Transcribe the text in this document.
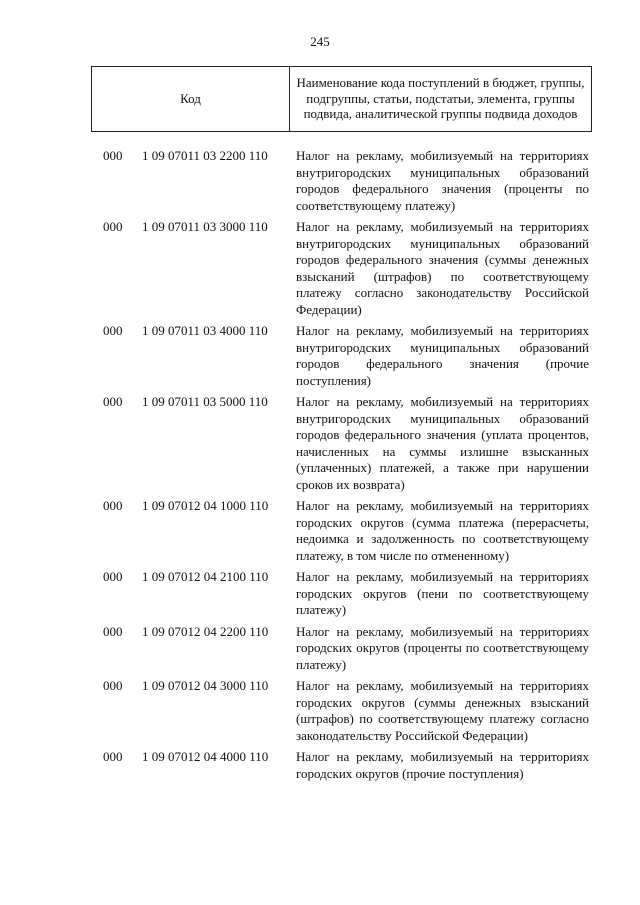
245
Код	Наименование кода поступлений в бюджет, группы, подгруппы, статьи, подстатьи, элемента, группы подвида, аналитической группы подвида доходов
000 1 09 07011 03 2200 110 Налог на рекламу, мобилизуемый на территориях внутригородских муниципальных образований городов федерального значения (проценты по соответствующему платежу)
000 1 09 07011 03 3000 110 Налог на рекламу, мобилизуемый на территориях внутригородских муниципальных образований городов федерального значения (суммы денежных взысканий (штрафов) по соответствующему платежу согласно законодательству Российской Федерации)
000 1 09 07011 03 4000 110 Налог на рекламу, мобилизуемый на территориях внутригородских муниципальных образований городов федерального значения (прочие поступления)
000 1 09 07011 03 5000 110 Налог на рекламу, мобилизуемый на территориях внутригородских муниципальных образований городов федерального значения (уплата процентов, начисленных на суммы излишне взысканных (уплаченных) платежей, а также при нарушении сроков их возврата)
000 1 09 07012 04 1000 110 Налог на рекламу, мобилизуемый на территориях городских округов (сумма платежа (перерасчеты, недоимка и задолженность по соответствующему платежу, в том числе по отмененному)
000 1 09 07012 04 2100 110 Налог на рекламу, мобилизуемый на территориях городских округов (пени по соответствующему платежу)
000 1 09 07012 04 2200 110 Налог на рекламу, мобилизуемый на территориях городских округов (проценты по соответствующему платежу)
000 1 09 07012 04 3000 110 Налог на рекламу, мобилизуемый на территориях городских округов (суммы денежных взысканий (штрафов) по соответствующему платежу согласно законодательству Российской Федерации)
000 1 09 07012 04 4000 110 Налог на рекламу, мобилизуемый на территориях городских округов (прочие поступления)
